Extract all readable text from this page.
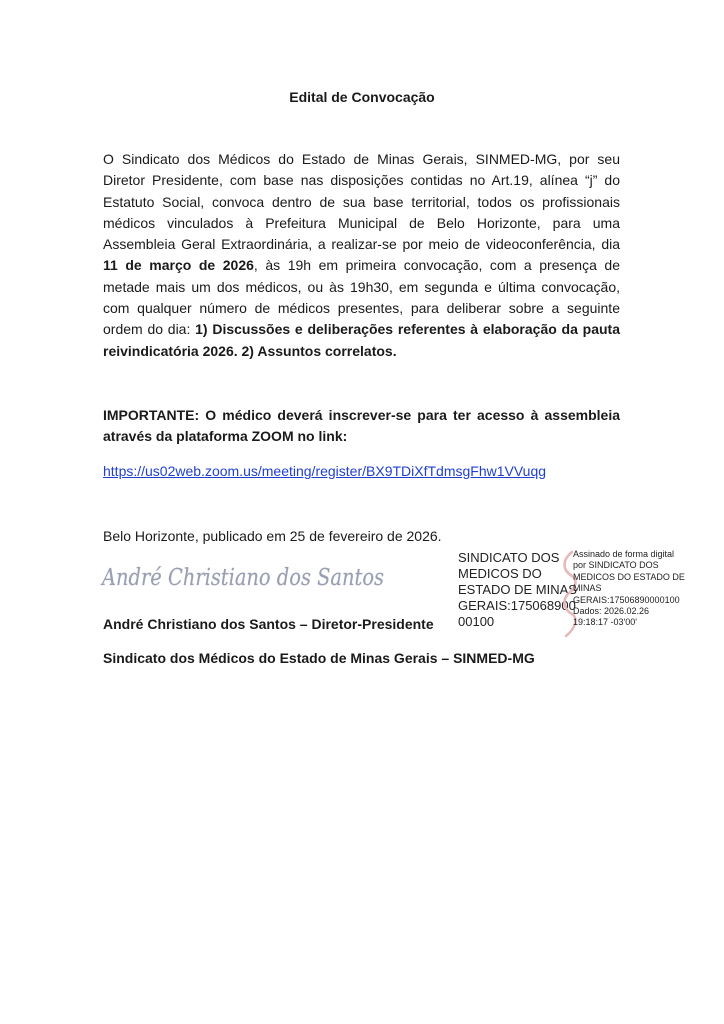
Edital de Convocação

O Sindicato dos Médicos do Estado de Minas Gerais, SINMED-MG, por seu Diretor Presidente, com base nas disposições contidas no Art.19, alínea “j” do Estatuto Social, convoca dentro de sua base territorial, todos os profissionais médicos vinculados à Prefeitura Municipal de Belo Horizonte, para uma Assembleia Geral Extraordinária, a realizar-se por meio de videoconferência, dia 11 de março de 2026, às 19h em primeira convocação, com a presença de metade mais um dos médicos, ou às 19h30, em segunda e última convocação, com qualquer número de médicos presentes, para deliberar sobre a seguinte ordem do dia: 1) Discussões e deliberações referentes à elaboração da pauta reivindicatória 2026. 2) Assuntos correlatos.

IMPORTANTE: O médico deverá inscrever-se para ter acesso à assembleia através da plataforma ZOOM no link:

https://us02web.zoom.us/meeting/register/BX9TDiXfTdmsgFhw1VVuqg
Belo Horizonte, publicado em 25 de fevereiro de 2026.
André Christiano dos Santos
André Christiano dos Santos – Diretor-Presidente
Sindicato dos Médicos do Estado de Minas Gerais – SINMED-MG
SINDICATO DOS
MEDICOS DO
ESTADO DE MINAS
GERAIS:175068900
00100
Assinado de forma digital
por SINDICATO DOS
MEDICOS DO ESTADO DE
MINAS
GERAIS:17506890000100
Dados: 2026.02.26
19:18:17 -03'00'
